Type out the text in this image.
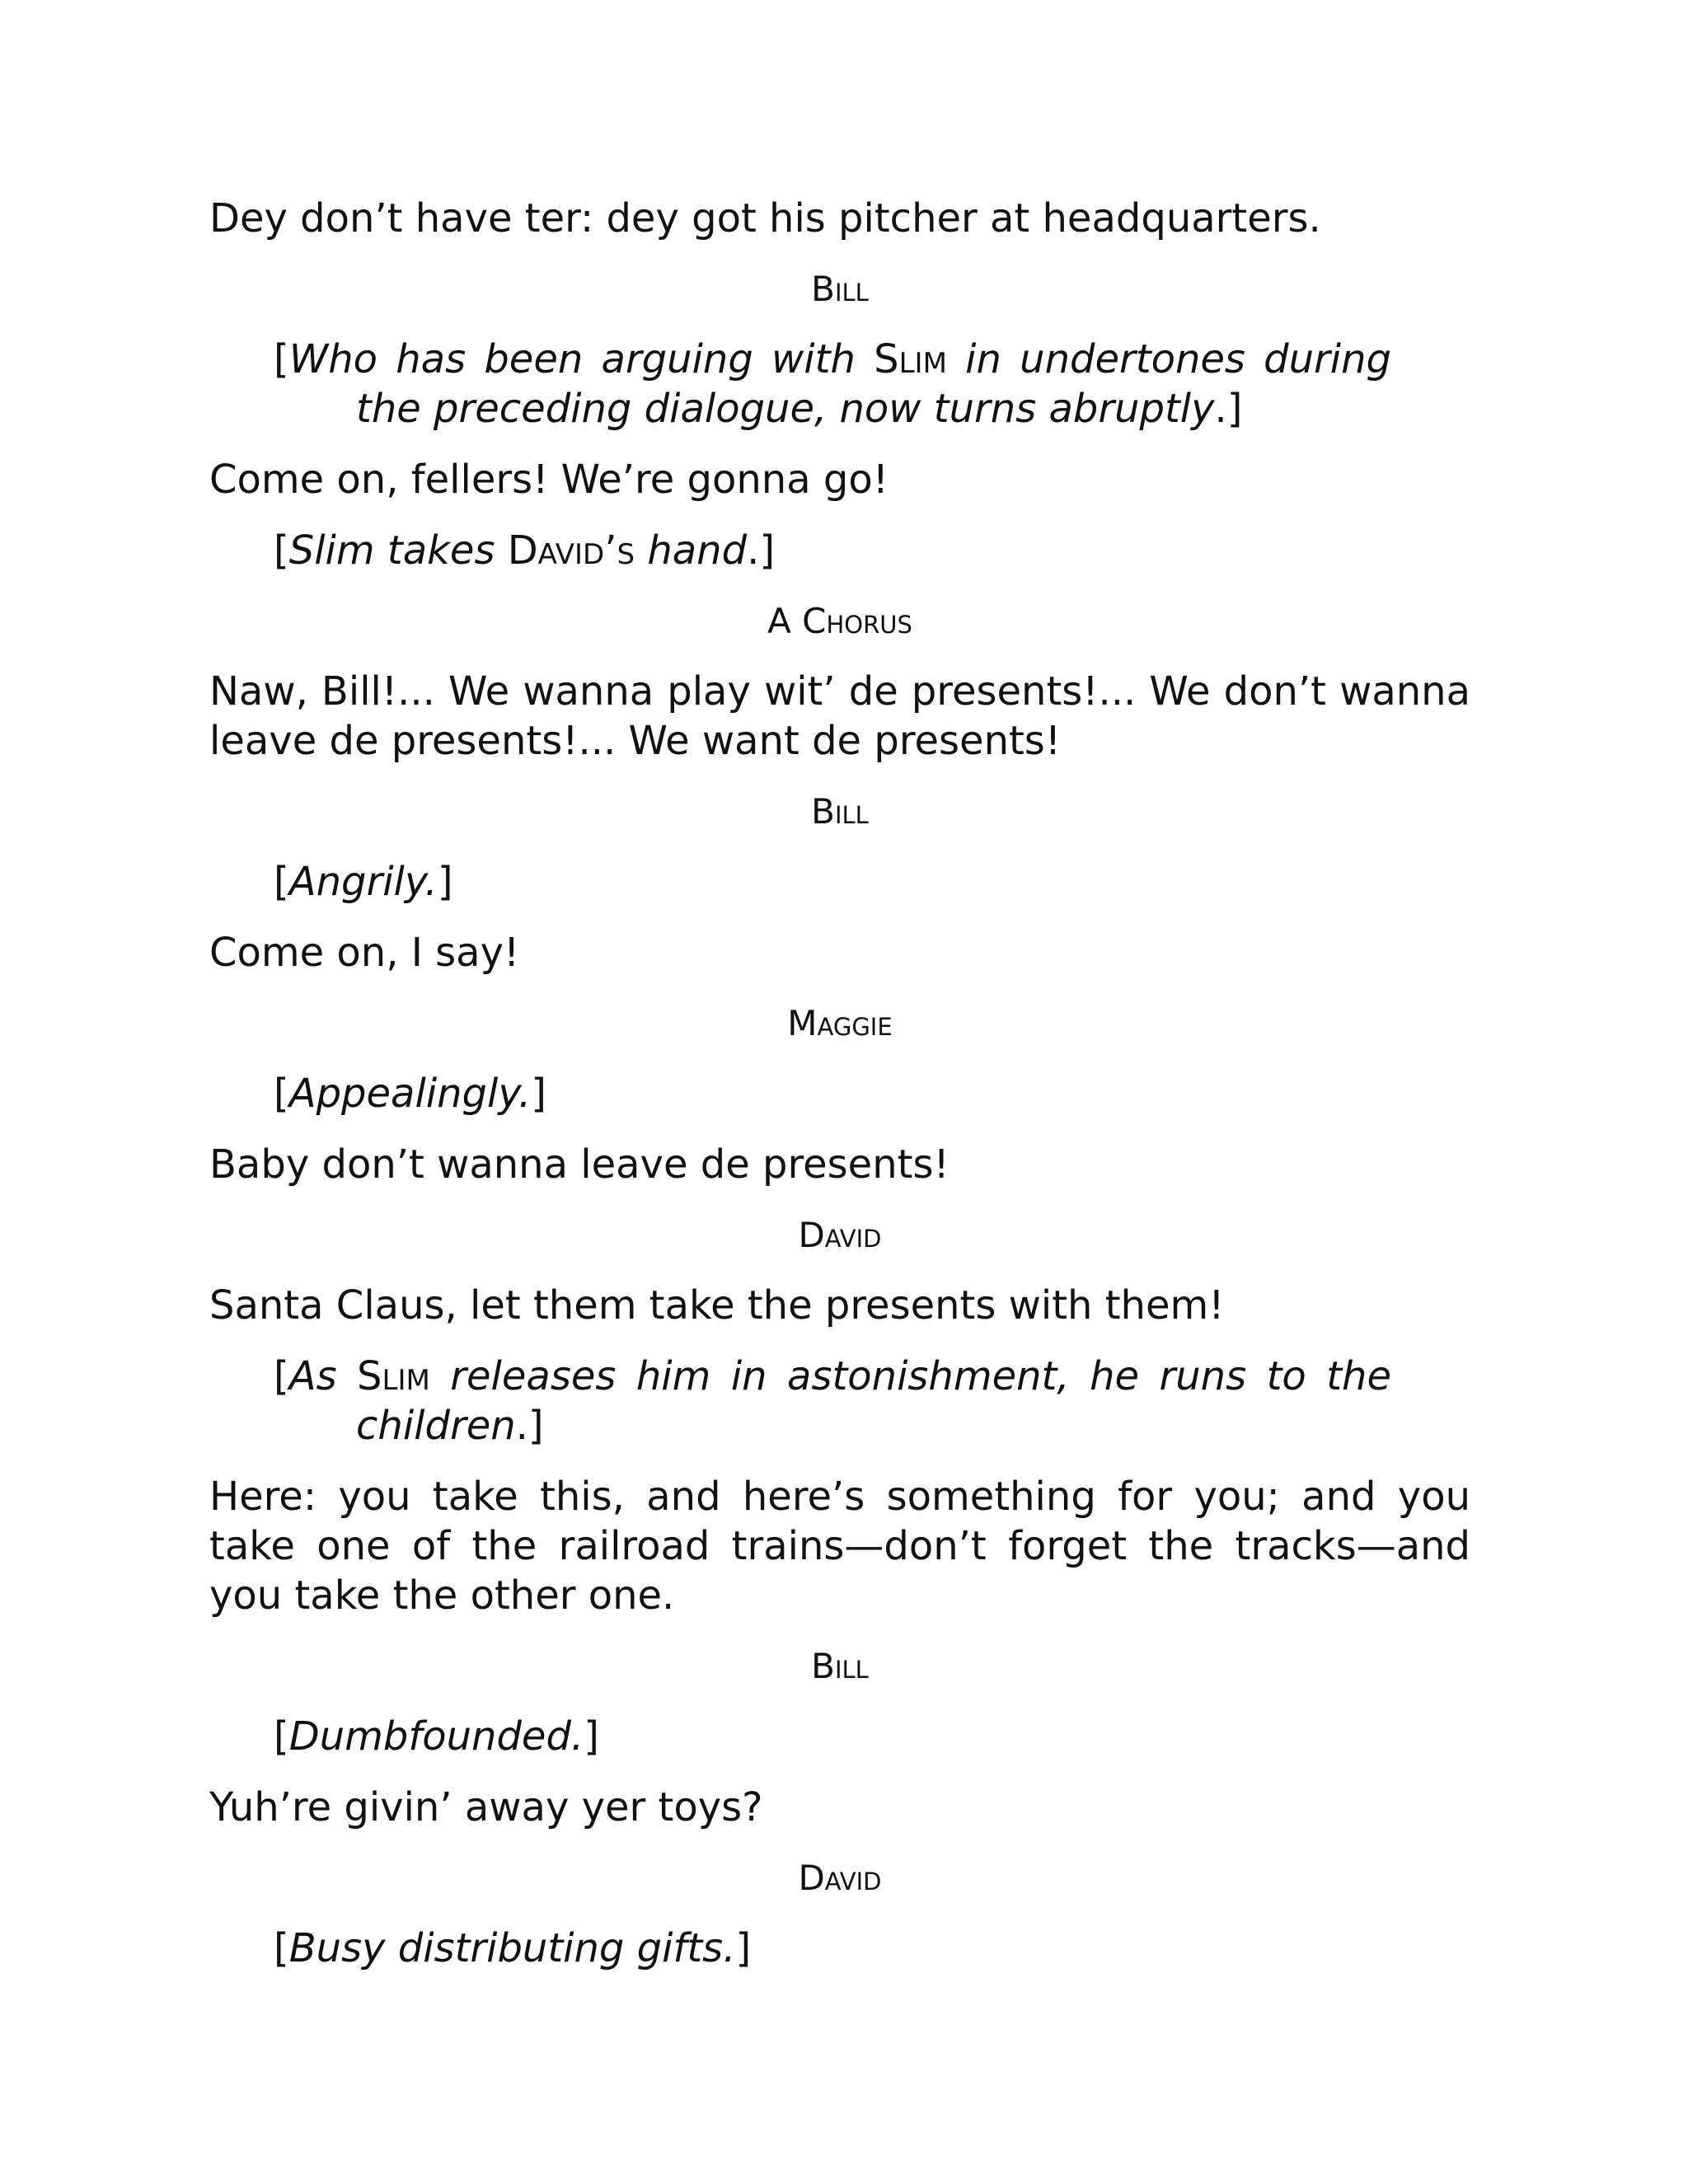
Dey don’t have ter: dey got his pitcher at headquarters.

Bill

[Who has been arguing with Slim in undertones during the preceding dialogue, now turns abruptly.]

Come on, fellers! We’re gonna go!

[Slim takes David’s hand.]

A Chorus

Naw, Bill!... We wanna play wit’ de presents!... We don’t wanna leave de presents!... We want de presents!

Bill

[Angrily.]

Come on, I say!

Maggie

[Appealingly.]

Baby don’t wanna leave de presents!

David

Santa Claus, let them take the presents with them!

[As Slim releases him in astonishment, he runs to the children.]

Here: you take this, and here’s something for you; and you take one of the railroad trains—don’t forget the tracks—and you take the other one.

Bill

[Dumbfounded.]

Yuh’re givin’ away yer toys?

David

[Busy distributing gifts.]
